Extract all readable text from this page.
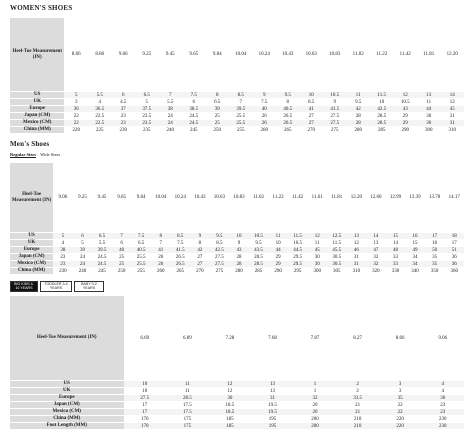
WOMEN'S SHOES
Heel-Toe Measurement (IN)	8.66	8.86	9.06	9.25	9.45	9.65	9.84	10.04	10.24	10.43	10.63	10.83	11.02	11.22	11.42	11.81	12.20
US	5	5.5	6	6.5	7	7.5	8	8.5	9	9.5	10	10.5	11	11.5	12	13	14
UK	3	4	4.5	5	5.5	6	6.5	7	7.5	8	8.5	9	9.5	10	10.5	11	12
Europe	36	36.5	37	37.5	38	38.5	39	39.5	40	40.5	41	41.5	42	42.5	43	44	45
Japan (CM)	22	22.5	23	23.5	24	24.5	25	25.5	26	26.5	27	27.5	28	28.5	29	30	31
Mexico (CM)	22	22.5	23	23.5	24	24.5	25	25.5	26	26.5	27	27.5	28	28.5	29	30	31
China (MM)	220	225	230	235	240	245	250	255	260	265	270	275	280	285	290	300	310
Men's Shoes
Regular Sizes Wide Sizes
Heel-Toe Measurement (IN)	9.06	9.25	9.45	9.65	9.84	10.04	10.24	10.43	10.63	10.83	11.02	11.22	11.42	11.61	11.81	12.20	12.60	12.99	13.39	13.78	14.17
US	5	6	6.5	7	7.5	8	8.5	9	9.5	10	10.5	11	11.5	12	12.5	13	14	15	16	17	18
UK	4	5	5.5	6	6.5	7	7.5	8	8.5	9	9.5	10	10.5	11	11.5	12	13	14	15	16	17
Europe	38	39	39.5	40	40.5	41	41.5	42	42.5	43	43.5	44	44.5	45	45.5	46	47	48	49	50	51
Japan (CM)	23	24	24.5	25	25.5	26	26.5	27	27.5	28	28.5	29	29.5	30	30.5	31	32	33	34	35	36
Mexico (CM)	23	24	24.5	25	25.5	26	26.5	27	27.5	28	28.5	29	29.5	30	30.5	31	32	33	34	35	36
China (MM)	230	240	245	250	255	260	265	270	275	280	285	290	295	300	305	310	320	330	340	350	360
BIG KIDS 4-10 YEARS
TODDLER 3-4 YEARS
BABY 0-2 YEARS
Heel-Toe Measurement (IN)	6.69	6.89	7.28	7.68	7.87	8.27	8.66	9.06
US	10	11	12	13	1	2	3	4
UK	10	11	12	13	1	2	3	4
Europe	27.5	28.5	30	31	32	33.5	35	36
Japan (CM)	17	17.5	18.5	19.5	20	21	22	23
Mexico (CM)	17	17.5	18.5	19.5	20	21	22	23
China (MM)	170	175	185	195	200	210	220	230
Foot Length (MM)	170	175	185	195	200	210	220	230
